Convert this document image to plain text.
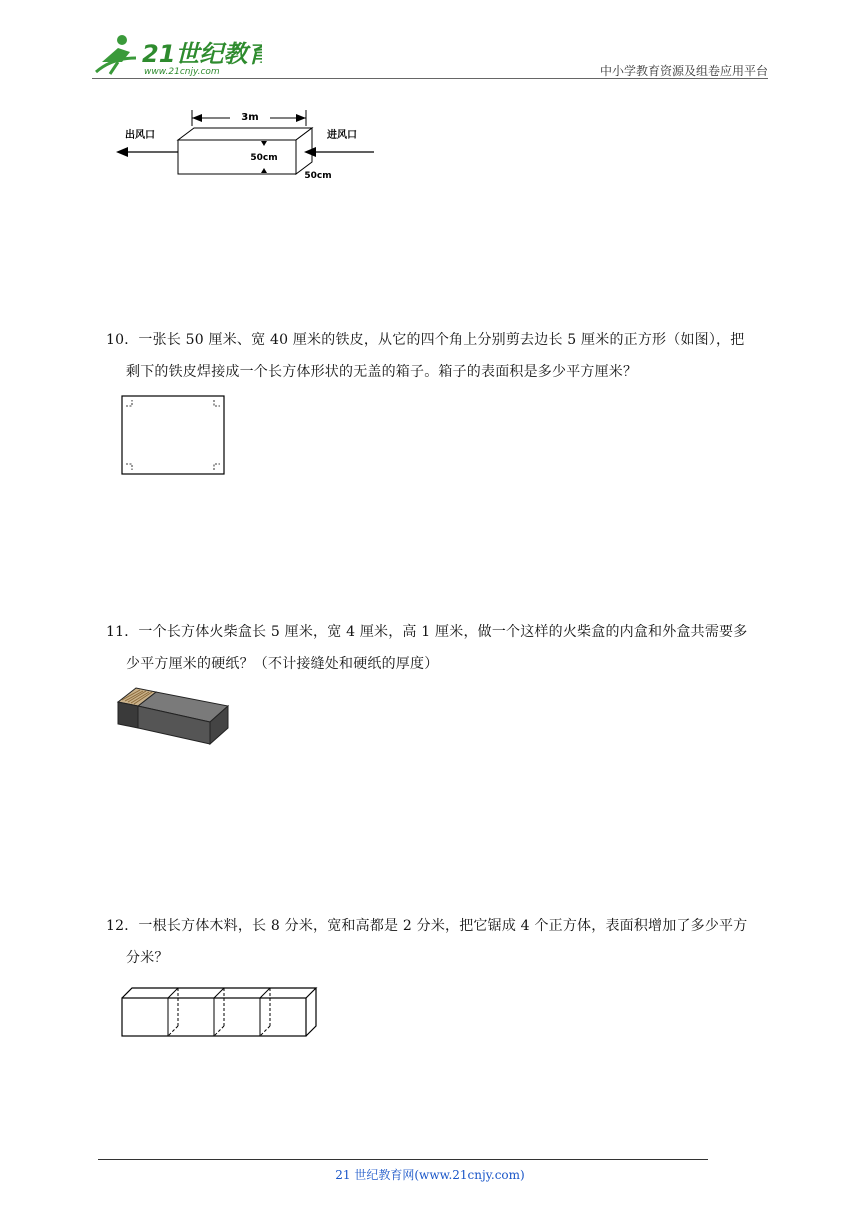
21世纪教育
www.21cnjy.com	中小学教育资源及组卷应用平台
3m
50cm
50cm
出风口	进风口
10．一张长 50 厘米、宽 40 厘米的铁皮，从它的四个角上分别剪去边长 5 厘米的正方形（如图），把
剩下的铁皮焊接成一个长方体形状的无盖的箱子。箱子的表面积是多少平方厘米？
11．一个长方体火柴盒长 5 厘米，宽 4 厘米，高 1 厘米，做一个这样的火柴盒的内盒和外盒共需要多
少平方厘米的硬纸？（不计接缝处和硬纸的厚度）
12．一根长方体木料，长 8 分米，宽和高都是 2 分米，把它锯成 4 个正方体，表面积增加了多少平方
分米？
21 世纪教育网(www.21cnjy.com)
